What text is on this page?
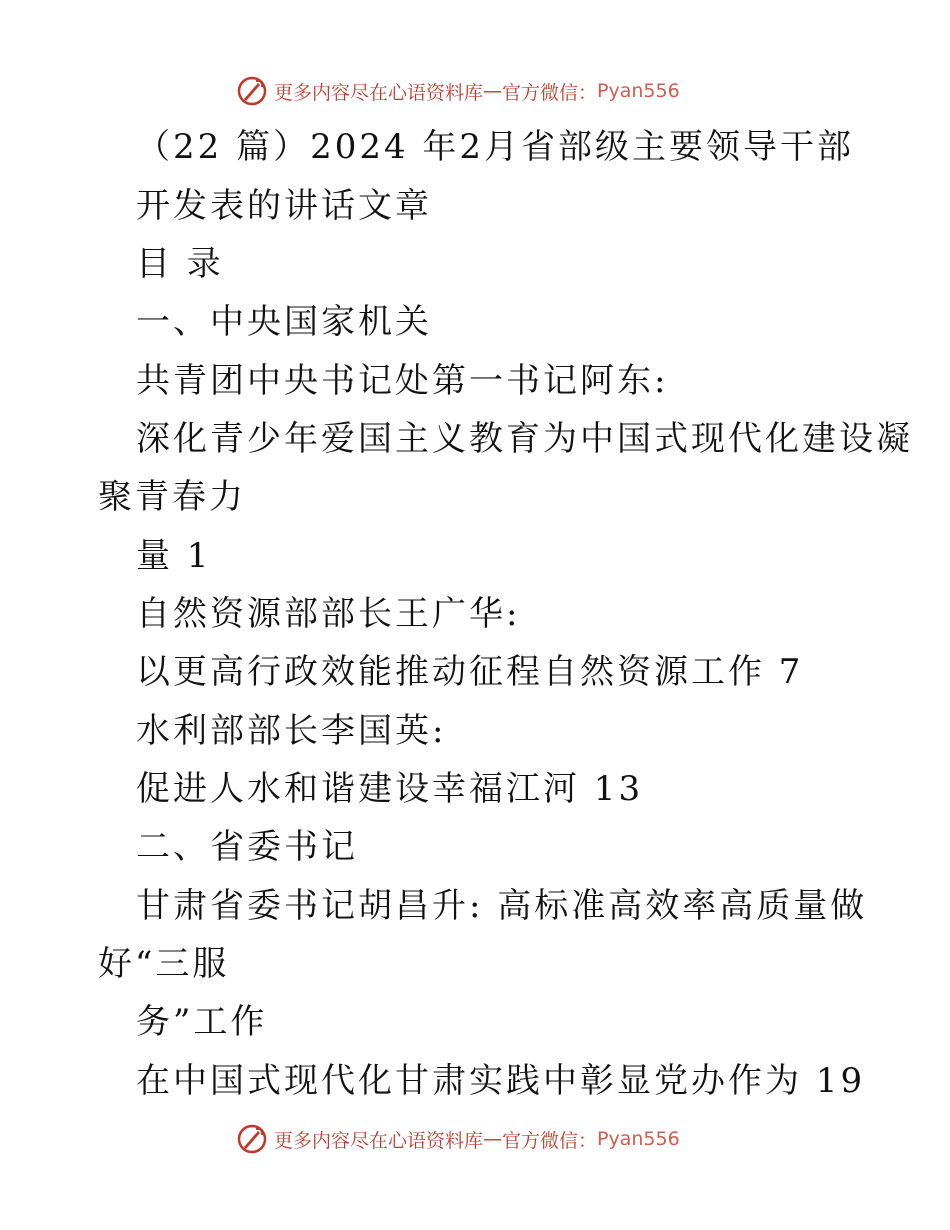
更多内容尽在心语资料库 — 官方微信： Pyan556
（22 篇）2024 年2月省部级主要领导干部
开发表的讲话文章
目 录
一、中央国家机关
共青团中央书记处第一书记阿东:
深化青少年爱国主义教育为中国式现代化建设凝
聚青春力
量 1
自然资源部部长王广华:
以更高行政效能推动征程自然资源工作 7
水利部部长李国英:
促进人水和谐建设幸福江河 13
二、省委书记
甘肃省委书记胡昌升: 高标准高效率高质量做
好“三服
务”工作
在中国式现代化甘肃实践中彰显党办作为 19
更多内容尽在心语资料库 — 官方微信： Pyan556
